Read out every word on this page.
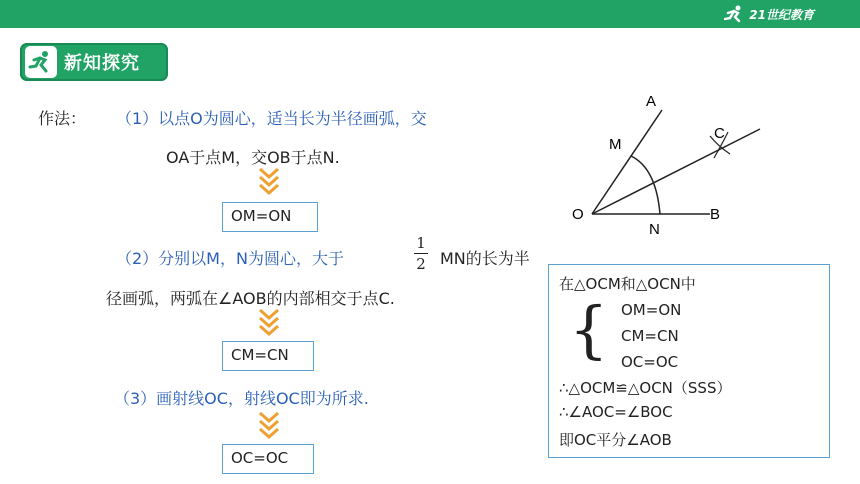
21世纪教育
新知探究
作法： （1）以点O为圆心，适当长为半径画弧，交
OA于点M，交OB于点N.
OM=ON
（2）分别以M，N为圆心，大于
1
2 MN的长为半
径画弧，两弧在∠AOB的内部相交于点C.
CM=CN
（3）画射线OC，射线OC即为所求.
OC=OC
A
M
C
O
N
B
在△OCM和△OCN中
{ OM=ON
CM=CN
OC=OC
∴△OCM≌△OCN（SSS）
∴∠AOC=∠BOC
即OC平分∠AOB
